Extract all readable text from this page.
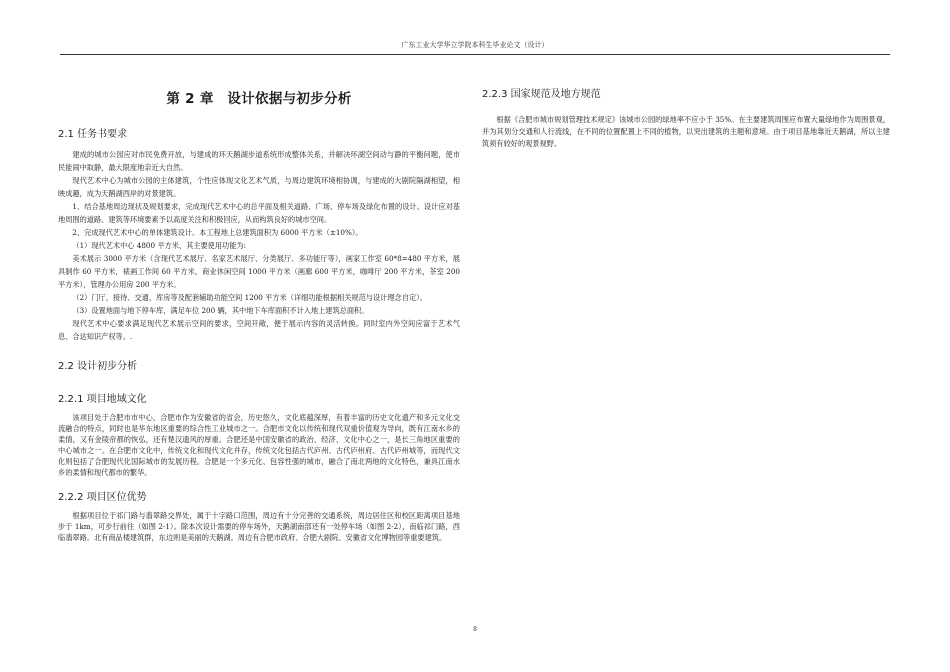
广东工业大学华立学院本科生毕业论文（设计）
第 2 章　设计依据与初步分析
2.1 任务书要求

建成的城市公园应对市民免费开放，与建成的环天鹅湖步道系统形成整体关系，并解决环湖空间动与静的平衡问题，使市民能闹中取静，最大限度地亲近大自然。

现代艺术中心为城市公园的主体建筑，个性应体现文化艺术气质，与周边建筑环境相协调，与建成的大剧院隔湖相望，相映成趣，成为天鹅湖西岸的对景建筑。

1、结合基地周边现状及规划要求，完成现代艺术中心的总平面及相关道路、广场、停车场及绿化布置的设计。设计应对基地周围的道路、建筑等环境要素予以高度关注和积极回应，从而构筑良好的城市空间。

2、完成现代艺术中心的单体建筑设计。本工程地上总建筑面积为 6000 平方米（±10%）。

（1）现代艺术中心 4800 平方米，其主要使用功能为:

美术展示 3000 平方米（含现代艺术展厅、名家艺术展厅、分类展厅、多功能厅等），画家工作室 60*8=480 平方米，展具制作 60 平方米，裱画工作间 60 平方米，商业休闲空间 1000 平方米（画廊 600 平方米，咖啡厅 200 平方米，茶室 200 平方米），管理办公用房 200 平方米。

（2）门厅，接待、交通、库房等及配套辅助功能空间 1200 平方米（详细功能根据相关规范与设计理念自定）。

（3）设置地面与地下停车库，满足车位 200 辆，其中地下车库面积不计入地上建筑总面积。

现代艺术中心要求满足现代艺术展示空间的要求，空间开敞，便于展示内容的灵活转换。同时室内外空间应富于艺术气息、合达知识产权等。.

2.2 设计初步分析
2.2.1 项目地域文化

该项目处于合肥市市中心，合肥市作为安徽省的省会，历史悠久，文化底蕴深厚，有着丰富的历史文化遗产和多元文化交流融合的特点，同时也是华东地区重要的综合性工业城市之一。合肥市文化以传统和现代双重价值观为导向，既有江南水乡的柔情，又有金陵帝都的恢弘，还有楚汉遗风的厚重。合肥还是中国安徽省的政治、经济、文化中心之一，是长三角地区重要的中心城市之一。在合肥市文化中，传统文化和现代文化并存，传统文化包括古代庐州、古代庐州府、古代庐州城等，而现代文化则包括了合肥现代化国际城市的发展历程。合肥是一个多元化、包容性强的城市，融合了南北两地的文化特色，兼具江南水乡的柔情和现代都市的繁华。

2.2.2 项目区位优势

根据项目位于祁门路与翡翠路交界处，属于十字路口范围，周边有十分完善的交通系统，周边居住区和校区距离项目基地步于 1km，可步行前往（如图 2-1）。除本次设计需要的停车场外，天鹅湖南部还有一处停车场（如图 2-2），南临祁门路，西临翡翠路。北有商品楼建筑群，东边则是美丽的天鹅湖。周边有合肥市政府、合肥大剧院、安徽省文化博物园等重要建筑。

2.2.3 国家规范及地方规范

根据《合肥市城市规划管理技术规定》该城市公园的绿地率不应小于 35%。在主要建筑周围应布置大量绿地作为周围景观，并为其划分交通和人行流线，在不同的位置配置上不同的植物，以突出建筑的主题和意境。由于项目基地靠近天鹅湖，所以主建筑须有较好的观景视野。

8
